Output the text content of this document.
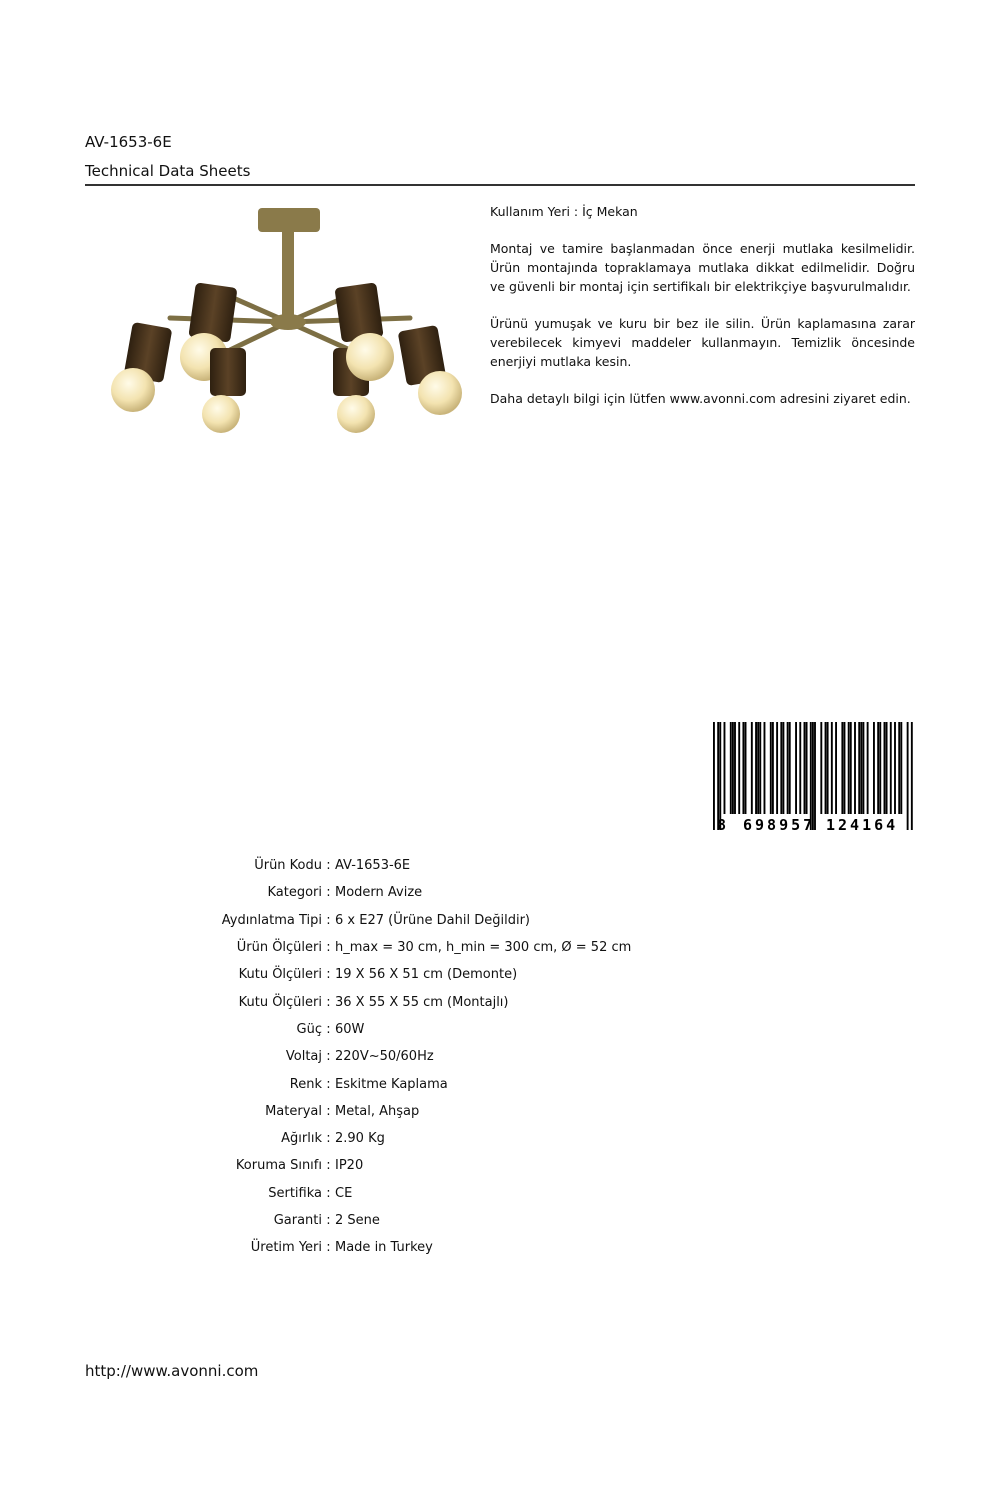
AV-1653-6E
Technical Data Sheets

Kullanım Yeri : İç Mekan

Montaj ve tamire başlanmadan önce enerji mutlaka kesilmelidir. Ürün montajında topraklamaya mutlaka dikkat edilmelidir. Doğru ve güvenli bir montaj için sertifikalı bir elektrikçiye başvurulmalıdır.

Ürünü yumuşak ve kuru bir bez ile silin. Ürün kaplamasına zarar verebilecek kimyevi maddeler kullanmayın. Temizlik öncesinde enerjiyi mutlaka kesin.

Daha detaylı bilgi için lütfen www.avonni.com adresini ziyaret edin.

8 698957 124164
Ürün Kodu : AV-1653-6E
Kategori : Modern Avize
Aydınlatma Tipi : 6 x E27 (Ürüne Dahil Değildir)
Ürün Ölçüleri : h_max = 30 cm, h_min = 300 cm, Ø = 52 cm
Kutu Ölçüleri : 19 X 56 X 51 cm (Demonte)
Kutu Ölçüleri : 36 X 55 X 55 cm (Montajlı)
Güç : 60W
Voltaj : 220V~50/60Hz
Renk : Eskitme Kaplama
Materyal : Metal, Ahşap
Ağırlık : 2.90 Kg
Koruma Sınıfı : IP20
Sertifika : CE
Garanti : 2 Sene
Üretim Yeri : Made in Turkey
http://www.avonni.com
